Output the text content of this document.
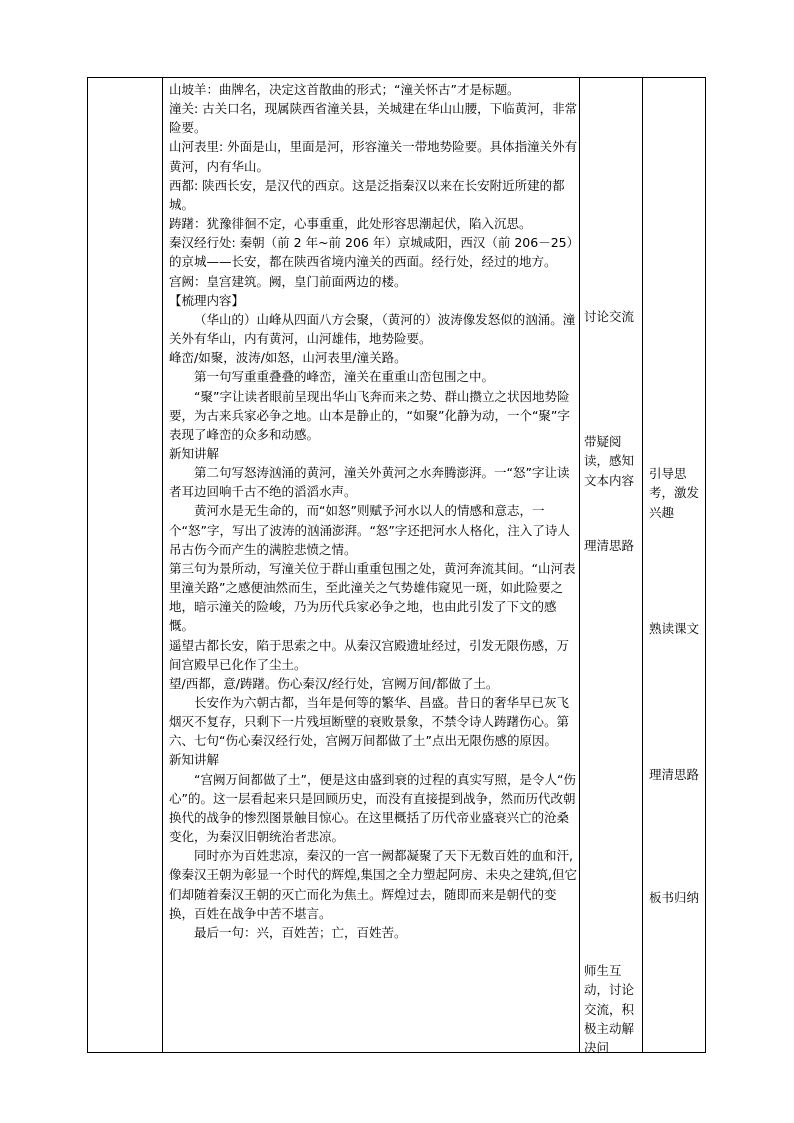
山坡羊：曲牌名，决定这首散曲的形式；“潼关怀古”才是标题。

潼关: 古关口名，现属陕西省潼关县，关城建在华山山腰，下临黄河，非常险要。

山河表里: 外面是山，里面是河，形容潼关一带地势险要。具体指潼关外有黄河，内有华山。

西都: 陕西长安，是汉代的西京。这是泛指秦汉以来在长安附近所建的都城。

踌躇：犹豫徘徊不定，心事重重，此处形容思潮起伏，陷入沉思。

秦汉经行处: 秦朝（前 2 年~前 206 年）京城咸阳，西汉（前 206－25）的京城——长安，都在陕西省境内潼关的西面。经行处，经过的地方。

宫阙：皇宫建筑。阙，皇门前面两边的楼。

【梳理内容】

（华山的）山峰从四面八方会聚，（黄河的）波涛像发怒似的汹涌。潼关外有华山，内有黄河，山河雄伟，地势险要。

峰峦/如聚，波涛/如怒，山河表里/潼关路。

第一句写重重叠叠的峰峦，潼关在重重山峦包围之中。

“聚”字让读者眼前呈现出华山飞奔而来之势、群山攒立之状因地势险要，为古来兵家必争之地。山本是静止的，“如聚”化静为动，一个“聚”字表现了峰峦的众多和动感。

新知讲解

第二句写怒涛汹涌的黄河，潼关外黄河之水奔腾澎湃。一“怒”字让读者耳边回响千古不绝的滔滔水声。

黄河水是无生命的，而“如怒”则赋予河水以人的情感和意志，一个“怒”字，写出了波涛的汹涌澎湃。“怒”字还把河水人格化，注入了诗人吊古伤今而产生的满腔悲愤之情。

第三句为景所动，写潼关位于群山重重包围之处，黄河奔流其间。“山河表里潼关路”之感便油然而生，至此潼关之气势雄伟窥见一斑，如此险要之地，暗示潼关的险峻，乃为历代兵家必争之地，也由此引发了下文的感慨。

遥望古都长安，陷于思索之中。从秦汉宫殿遗址经过，引发无限伤感，万间宫殿早已化作了尘土。

望/西都，意/踌躇。伤心秦汉/经行处，宫阙万间/都做了土。

长安作为六朝古都，当年是何等的繁华、昌盛。昔日的奢华早已灰飞烟灭不复存，只剩下一片残垣断壁的衰败景象，不禁令诗人踌躇伤心。第六、七句“伤心秦汉经行处，宫阙万间都做了土”点出无限伤感的原因。

新知讲解

“宫阙万间都做了土”，便是这由盛到衰的过程的真实写照，是令人“伤心”的。这一层看起来只是回顾历史，而没有直接提到战争，然而历代改朝换代的战争的惨烈图景触目惊心。在这里概括了历代帝业盛衰兴亡的沧桑变化，为秦汉旧朝统治者悲凉。

同时亦为百姓悲凉，秦汉的一宫一阙都凝聚了天下无数百姓的血和汗,像秦汉王朝为彰显一个时代的辉煌,集国之全力塑起阿房、未央之建筑,但它们却随着秦汉王朝的灭亡而化为焦土。辉煌过去，随即而来是朝代的变换，百姓在战争中苦不堪言。

最后一句：兴，百姓苦；亡，百姓苦。

讨论交流
带疑阅读，感知文本内容
理清思路
师生互动，讨论交流，积极主动解决问
引导思考，激发兴趣
熟读课文
理清思路
板书归纳
